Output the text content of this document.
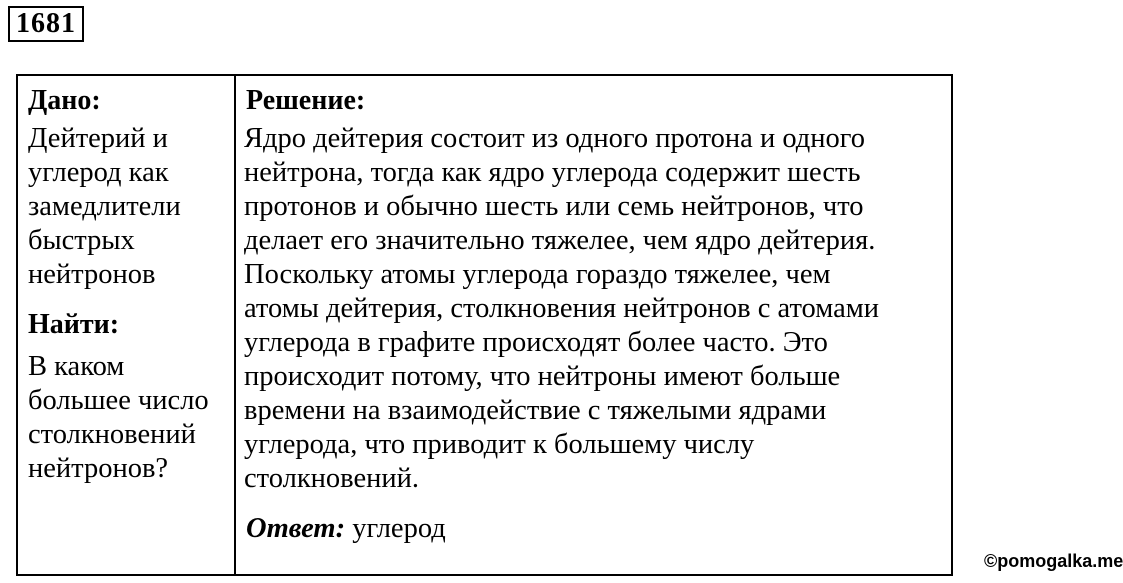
1681
Дано:
Дейтерий и
углерод как
замедлители
быстрых
нейтронов
Найти:
В каком
большее число
столкновений
нейтронов?
Решение:
Ядро дейтерия состоит из одного протона и одного
нейтрона, тогда как ядро углерода содержит шесть
протонов и обычно шесть или семь нейтронов, что
делает его значительно тяжелее, чем ядро дейтерия.
Поскольку атомы углерода гораздо тяжелее, чем
атомы дейтерия, столкновения нейтронов с атомами
углерода в графите происходят более часто. Это
происходит потому, что нейтроны имеют больше
времени на взаимодействие с тяжелыми ядрами
углерода, что приводит к большему числу
столкновений.
Ответ: углерод
©pomogalka.me
